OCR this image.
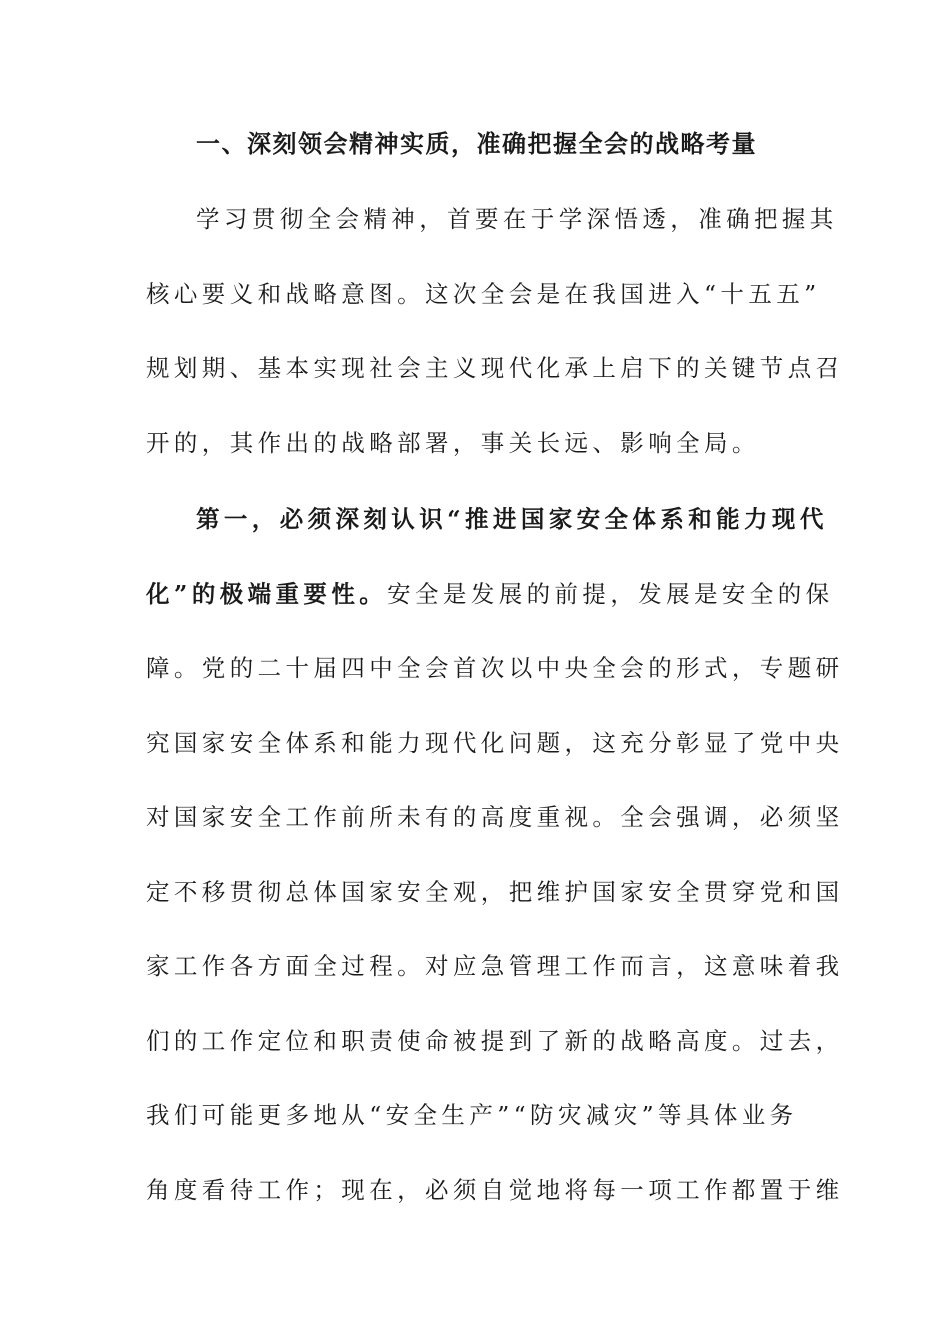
一、深刻领会精神实质，准确把握全会的战略考量

学习贯彻全会精神，首要在于学深悟透，准确把握其
核心要义和战略意图。这次全会是在我国进入“十五五”
规划期、基本实现社会主义现代化承上启下的关键节点召
开的，其作出的战略部署，事关长远、影响全局。

第一，必须深刻认识“推进国家安全体系和能力现代
化”的极端重要性。安全是发展的前提，发展是安全的保
障。党的二十届四中全会首次以中央全会的形式，专题研
究国家安全体系和能力现代化问题，这充分彰显了党中央
对国家安全工作前所未有的高度重视。全会强调，必须坚
定不移贯彻总体国家安全观，把维护国家安全贯穿党和国
家工作各方面全过程。对应急管理工作而言，这意味着我
们的工作定位和职责使命被提到了新的战略高度。过去，
我们可能更多地从“安全生产”“防灾减灾”等具体业务
角度看待工作；现在，必须自觉地将每一项工作都置于维
